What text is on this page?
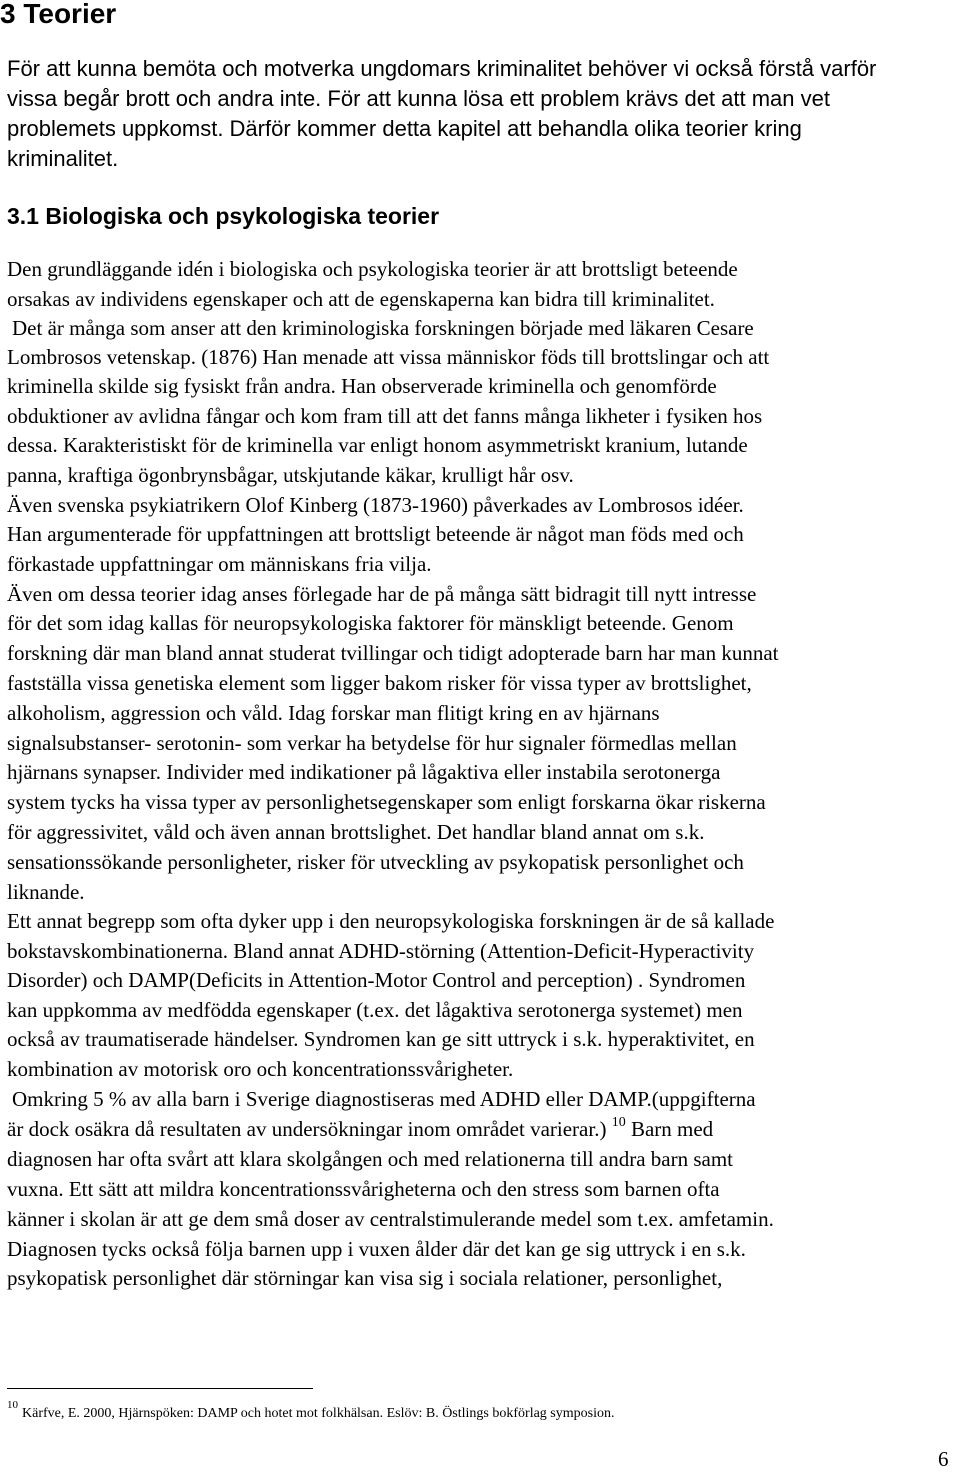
3 Teorier
För att kunna bemöta och motverka ungdomars kriminalitet behöver vi också förstå varför
vissa begår brott och andra inte. För att kunna lösa ett problem krävs det att man vet
problemets uppkomst. Därför kommer detta kapitel att behandla olika teorier kring
kriminalitet.
3.1 Biologiska och psykologiska teorier
Den grundläggande idén i biologiska och psykologiska teorier är att brottsligt beteende
orsakas av individens egenskaper och att de egenskaperna kan bidra till kriminalitet.
Det är många som anser att den kriminologiska forskningen började med läkaren Cesare
Lombrosos vetenskap. (1876) Han menade att vissa människor föds till brottslingar och att
kriminella skilde sig fysiskt från andra. Han observerade kriminella och genomförde
obduktioner av avlidna fångar och kom fram till att det fanns många likheter i fysiken hos
dessa. Karakteristiskt för de kriminella var enligt honom asymmetriskt kranium, lutande
panna, kraftiga ögonbrynsbågar, utskjutande käkar, krulligt hår osv.
Även svenska psykiatrikern Olof Kinberg (1873-1960) påverkades av Lombrosos idéer.
Han argumenterade för uppfattningen att brottsligt beteende är något man föds med och
förkastade uppfattningar om människans fria vilja.
Även om dessa teorier idag anses förlegade har de på många sätt bidragit till nytt intresse
för det som idag kallas för neuropsykologiska faktorer för mänskligt beteende. Genom
forskning där man bland annat studerat tvillingar och tidigt adopterade barn har man kunnat
fastställa vissa genetiska element som ligger bakom risker för vissa typer av brottslighet,
alkoholism, aggression och våld. Idag forskar man flitigt kring en av hjärnans
signalsubstanser- serotonin- som verkar ha betydelse för hur signaler förmedlas mellan
hjärnans synapser. Individer med indikationer på lågaktiva eller instabila serotonerga
system tycks ha vissa typer av personlighetsegenskaper som enligt forskarna ökar riskerna
för aggressivitet, våld och även annan brottslighet. Det handlar bland annat om s.k.
sensationssökande personligheter, risker för utveckling av psykopatisk personlighet och
liknande.
Ett annat begrepp som ofta dyker upp i den neuropsykologiska forskningen är de så kallade
bokstavskombinationerna. Bland annat ADHD-störning (Attention-Deficit-Hyperactivity
Disorder) och DAMP(Deficits in Attention-Motor Control and perception) . Syndromen
kan uppkomma av medfödda egenskaper (t.ex. det lågaktiva serotonerga systemet) men
också av traumatiserade händelser. Syndromen kan ge sitt uttryck i s.k. hyperaktivitet, en
kombination av motorisk oro och koncentrationssvårigheter.
Omkring 5 % av alla barn i Sverige diagnostiseras med ADHD eller DAMP.(uppgifterna
är dock osäkra då resultaten av undersökningar inom området varierar.) $^{10}$ Barn med
diagnosen har ofta svårt att klara skolgången och med relationerna till andra barn samt
vuxna. Ett sätt att mildra koncentrationssvårigheterna och den stress som barnen ofta
känner i skolan är att ge dem små doser av centralstimulerande medel som t.ex. amfetamin.
Diagnosen tycks också följa barnen upp i vuxen ålder där det kan ge sig uttryck i en s.k.
psykopatisk personlighet där störningar kan visa sig i sociala relationer, personlighet,
$^{10}$Kärfve, E. 2000, Hjärnspöken: DAMP och hotet mot folkhälsan. Eslöv: B. Östlings bokförlag symposion.
6
